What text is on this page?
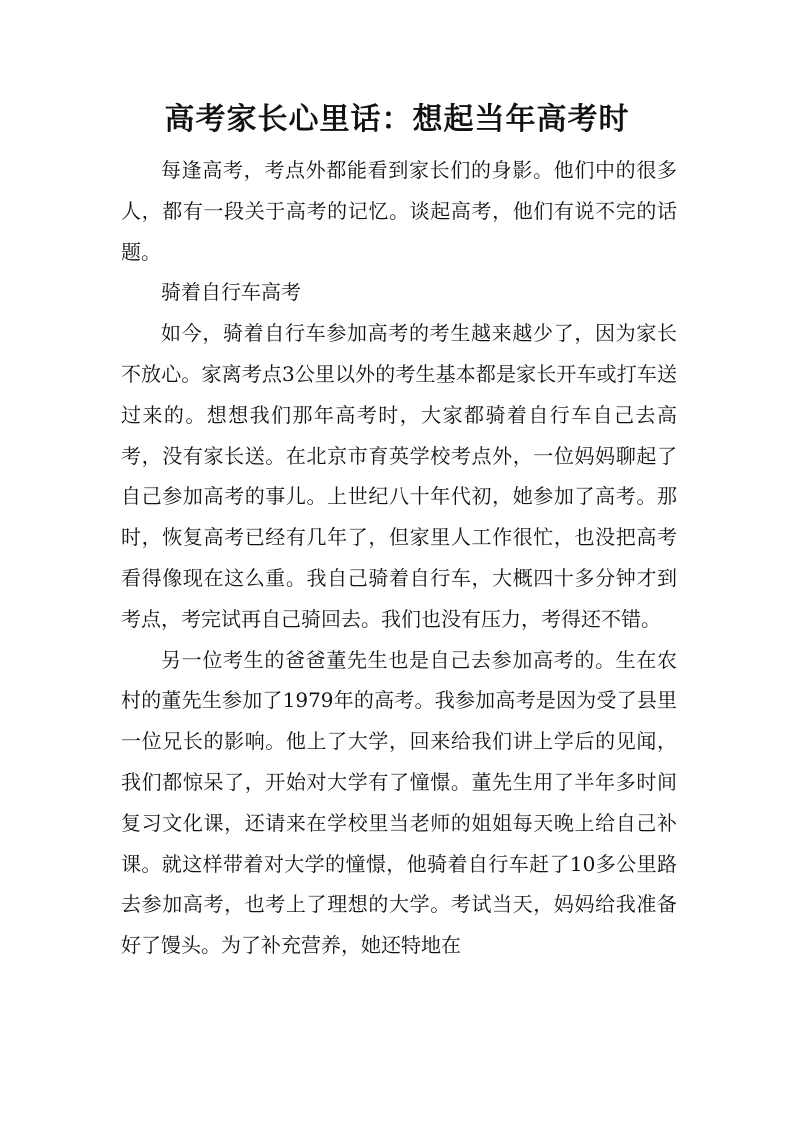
高考家长心里话：想起当年高考时

每逢高考，考点外都能看到家长们的身影。他们中的很多人，都有一段关于高考的记忆。谈起高考，他们有说不完的话题。

骑着自行车高考

如今，骑着自行车参加高考的考生越来越少了，因为家长不放心。家离考点3公里以外的考生基本都是家长开车或打车送过来的。想想我们那年高考时，大家都骑着自行车自己去高考，没有家长送。在北京市育英学校考点外，一位妈妈聊起了自己参加高考的事儿。上世纪八十年代初，她参加了高考。那时，恢复高考已经有几年了，但家里人工作很忙，也没把高考看得像现在这么重。我自己骑着自行车，大概四十多分钟才到考点，考完试再自己骑回去。我们也没有压力，考得还不错。

另一位考生的爸爸董先生也是自己去参加高考的。生在农村的董先生参加了1979年的高考。我参加高考是因为受了县里一位兄长的影响。他上了大学，回来给我们讲上学后的见闻，我们都惊呆了，开始对大学有了憧憬。董先生用了半年多时间复习文化课，还请来在学校里当老师的姐姐每天晚上给自己补课。就这样带着对大学的憧憬，他骑着自行车赶了10多公里路去参加高考，也考上了理想的大学。考试当天，妈妈给我准备好了馒头。为了补充营养，她还特地在
